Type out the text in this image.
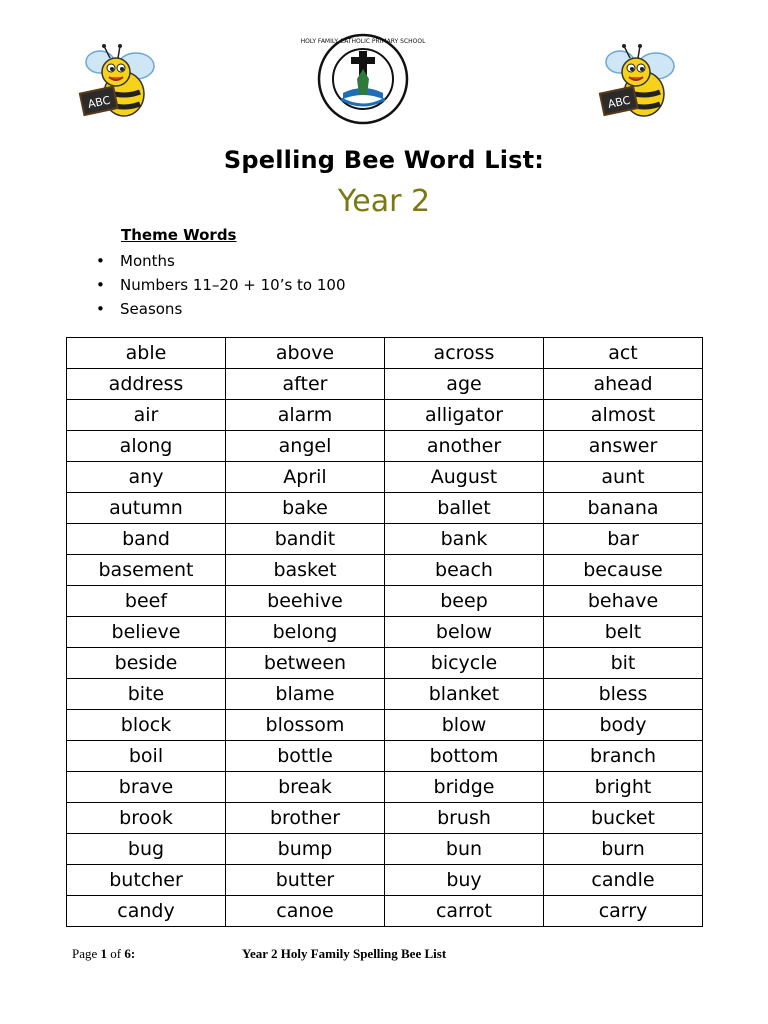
ABC
HOLY FAMILY CATHOLIC PRIMARY SCHOOL
ABC
Spelling Bee Word List:
Year 2
Theme Words
• Months
• Numbers 11–20 + 10’s to 100
• Seasons
able	above	across	act
address	after	age	ahead
air	alarm	alligator	almost
along	angel	another	answer
any	April	August	aunt
autumn	bake	ballet	banana
band	bandit	bank	bar
basement	basket	beach	because
beef	beehive	beep	behave
believe	belong	below	belt
beside	between	bicycle	bit
bite	blame	blanket	bless
block	blossom	blow	body
boil	bottle	bottom	branch
brave	break	bridge	bright
brook	brother	brush	bucket
bug	bump	bun	burn
butcher	butter	buy	candle
candy	canoe	carrot	carry
Page 1 of 6:	Year 2 Holy Family Spelling Bee List
